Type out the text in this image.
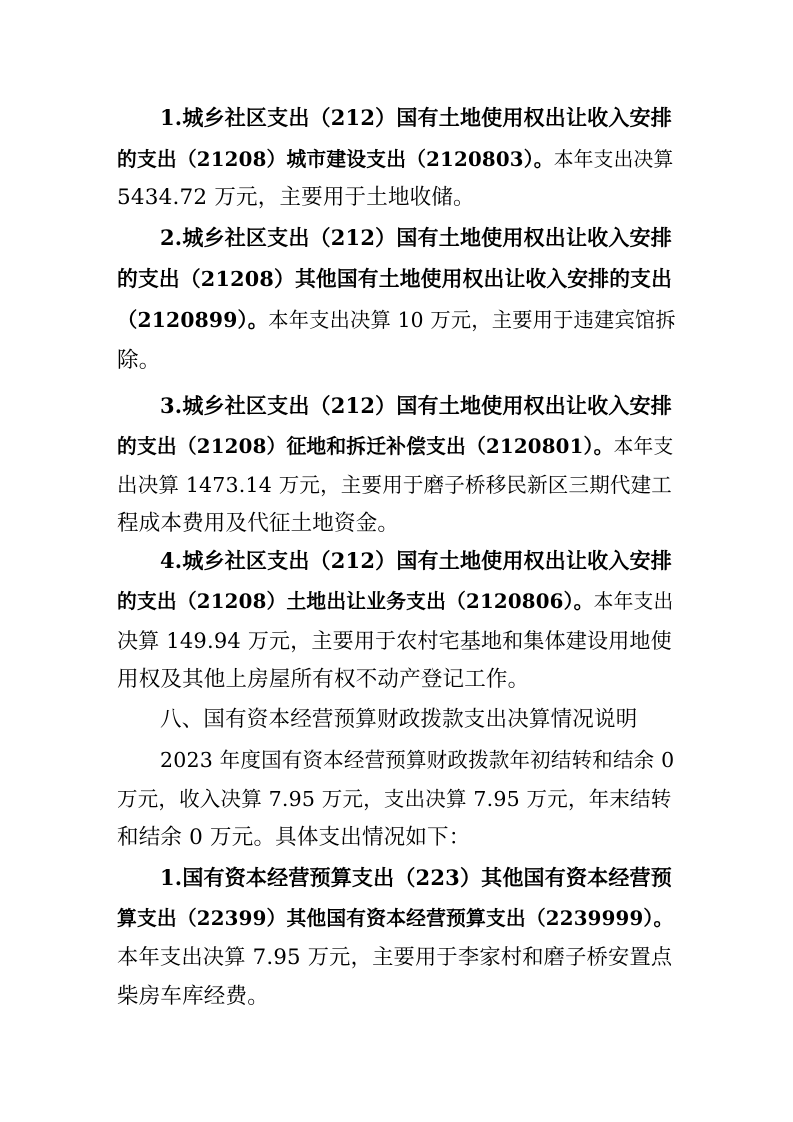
1.城乡社区支出（212）国有土地使用权出让收入安排
的支出（21208）城市建设支出（2120803）。本年支出决算
5434.72 万元，主要用于土地收储。
2.城乡社区支出（212）国有土地使用权出让收入安排
的支出（21208）其他国有土地使用权出让收入安排的支出
（2120899）。本年支出决算 10 万元，主要用于违建宾馆拆
除。
3.城乡社区支出（212）国有土地使用权出让收入安排
的支出（21208）征地和拆迁补偿支出（2120801）。本年支
出决算 1473.14 万元，主要用于磨子桥移民新区三期代建工
程成本费用及代征土地资金。
4.城乡社区支出（212）国有土地使用权出让收入安排
的支出（21208）土地出让业务支出（2120806）。本年支出
决算 149.94 万元，主要用于农村宅基地和集体建设用地使
用权及其他上房屋所有权不动产登记工作。
八、国有资本经营预算财政拨款支出决算情况说明
2023 年度国有资本经营预算财政拨款年初结转和结余 0
万元，收入决算 7.95 万元，支出决算 7.95 万元，年末结转
和结余 0 万元。具体支出情况如下：
1.国有资本经营预算支出（223）其他国有资本经营预
算支出（22399）其他国有资本经营预算支出（2239999）。
本年支出决算 7.95 万元，主要用于李家村和磨子桥安置点
柴房车库经费。
